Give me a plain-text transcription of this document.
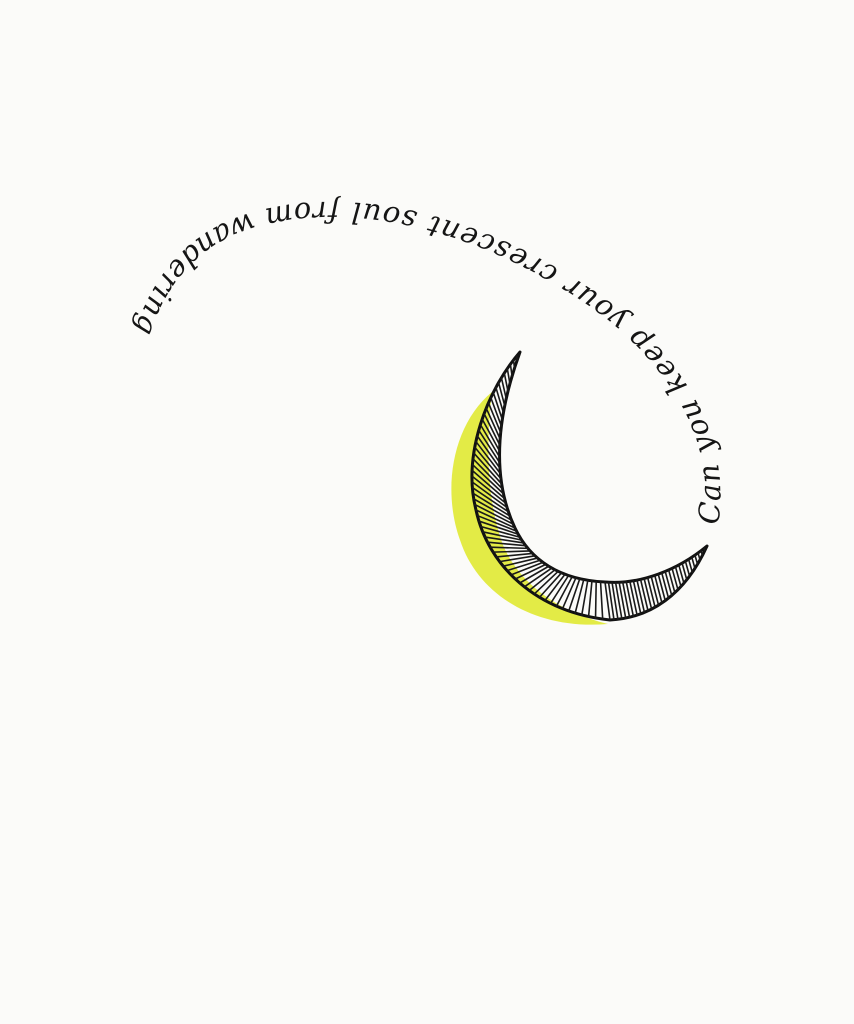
Can you keep your crescent soul from wandering
